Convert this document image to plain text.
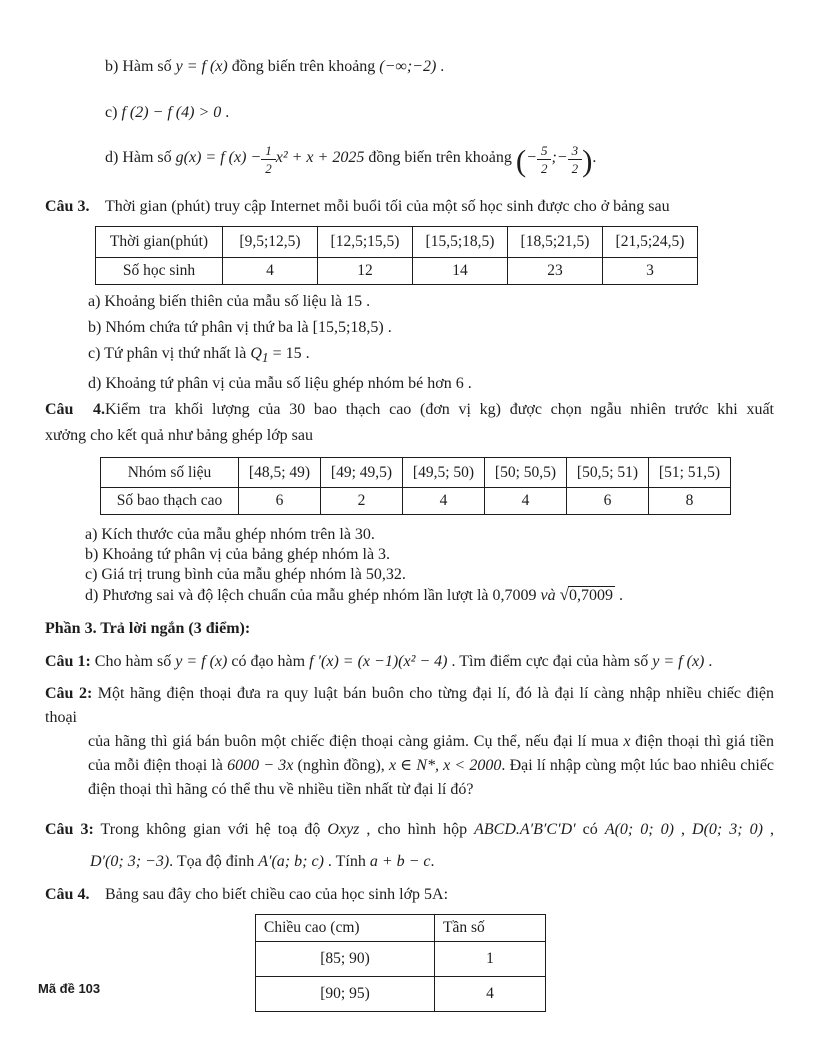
b) Hàm số y = f (x) đồng biến trên khoảng (−∞;−2) .
c) f (2) − f (4) > 0 .
d) Hàm số g(x) = f $(x) - \frac{1}{2} x^2 + x + 2025$ đồng biến trên khoảng (− $\frac{5}{2}$ ;− $\frac{3}{2}$ ).
Câu 3. Thời gian (phút) truy cập Internet mỗi buổi tối của một số học sinh được cho ở bảng sau
Thời gian(phút)	[9,5;12,5)	[12,5;15,5)	[15,5;18,5)	[18,5;21,5)	[21,5;24,5)
Số học sinh	4	12	14	23	3
a) Khoảng biến thiên của mẫu số liệu là 15 .
b) Nhóm chứa tứ phân vị thứ ba là [15,5;18,5) .
c) Tứ phân vị thứ nhất là $Q_1 = 15$ .
d) Khoảng tứ phân vị của mẫu số liệu ghép nhóm bé hơn 6 .
Câu 4.Kiểm tra khối lượng của 30 bao thạch cao (đơn vị kg) được chọn ngẫu nhiên trước khi xuất
xưởng cho kết quả như bảng ghép lớp sau
Nhóm số liệu	[48,5; 49)	[49; 49,5)	[49,5; 50)	[50; 50,5)	[50,5; 51)	[51; 51,5)
Số bao thạch cao	6	2	4	4	6	8
a) Kích thước của mẫu ghép nhóm trên là 30.
b) Khoảng tứ phân vị của bảng ghép nhóm là 3.
c) Giá trị trung bình của mẫu ghép nhóm là 50,32.
d) Phương sai và độ lệch chuẩn của mẫu ghép nhóm lần lượt là 0,7009 và √0,7009 .
Phần 3. Trả lời ngắn (3 điểm):
Câu 1: Cho hàm số y = f (x) có đạo hàm f ′(x) = (x −1)(x² − 4) . Tìm điểm cực đại của hàm số y = f (x) .
Câu 2: Một hãng điện thoại đưa ra quy luật bán buôn cho từng đại lí, đó là đại lí càng nhập nhiều chiếc điện thoại
của hãng thì giá bán buôn một chiếc điện thoại càng giảm. Cụ thể, nếu đại lí mua x điện thoại thì giá tiền
của mỗi điện thoại là 6000 − 3x (nghìn đồng), x ∈ N*, x < 2000. Đại lí nhập cùng một lúc bao nhiêu chiếc
điện thoại thì hãng có thể thu về nhiều tiền nhất từ đại lí đó?
Câu 3: Trong không gian với hệ toạ độ Oxyz , cho hình hộp ABCD.A′B′C′D′ có A(0; 0; 0) , D(0; 3; 0) ,
D′(0; 3; −3). Tọa độ đỉnh A′(a; b; c) . Tính a + b − c.
Câu 4. Bảng sau đây cho biết chiều cao của học sinh lớp 5A:
Chiều cao (cm)	Tần số
[85; 90)	1
[90; 95)	4
Mã đề 103
